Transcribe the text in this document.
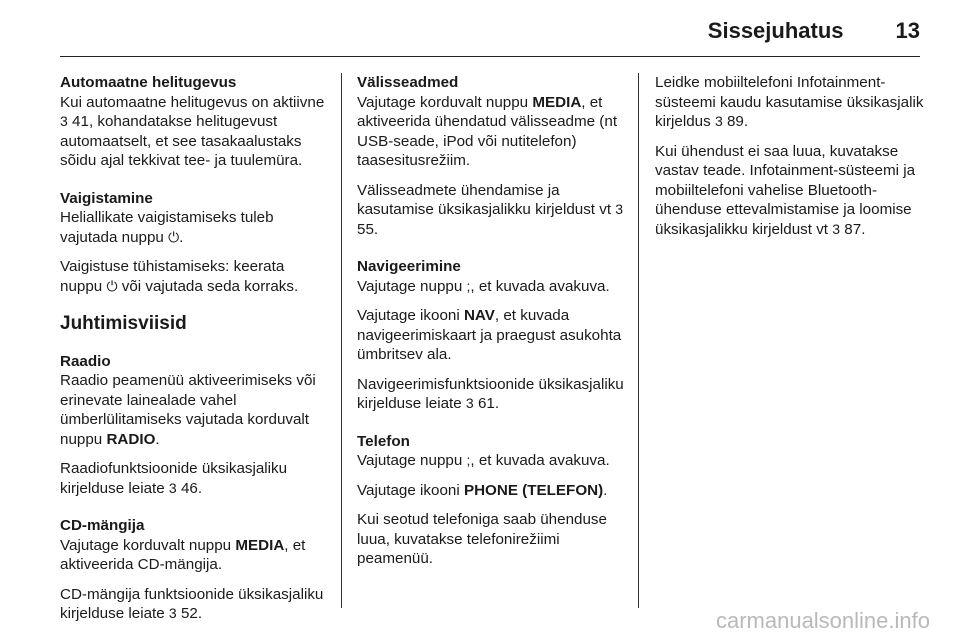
Sissejuhatus 13

Automaatne helitugevus
Kui automaatne helitugevus on aktiivne 3 41, kohandatakse helitugevust automaatselt, et see tasakaalustaks sõidu ajal tekkivat tee- ja tuulemüra.

Vaigistamine
Heliallikate vaigistamiseks tuleb vajutada nuppu ⏻.

Vaigistuse tühistamiseks: keerata nuppu ⏻ või vajutada seda korraks.

Juhtimisviisid

Raadio
Raadio peamenüü aktiveerimiseks või erinevate lainealade vahel ümberlülitamiseks vajutada korduvalt nuppu RADIO.

Raadiofunktsioonide üksikasjaliku kirjelduse leiate 3 46.

CD-mängija
Vajutage korduvalt nuppu MEDIA, et aktiveerida CD-mängija.

CD-mängija funktsioonide üksikasjaliku kirjelduse leiate 3 52.

Välisseadmed
Vajutage korduvalt nuppu MEDIA, et aktiveerida ühendatud välisseadme (nt USB-seade, iPod või nutitelefon) taasesitusrežiim.

Välisseadmete ühendamise ja kasutamise üksikasjalikku kirjeldust vt 3 55.

Navigeerimine
Vajutage nuppu ;, et kuvada avakuva.

Vajutage ikooni NAV, et kuvada navigeerimiskaart ja praegust asukohta ümbritsev ala.

Navigeerimisfunktsioonide üksikasjaliku kirjelduse leiate 3 61.

Telefon
Vajutage nuppu ;, et kuvada avakuva.

Vajutage ikooni PHONE (TELEFON).

Kui seotud telefoniga saab ühenduse luua, kuvatakse telefonirežiimi peamenüü.

Leidke mobiiltelefoni Infotainment-süsteemi kaudu kasutamise üksikasjalik kirjeldus 3 89.

Kui ühendust ei saa luua, kuvatakse vastav teade. Infotainment-süsteemi ja mobiiltelefoni vahelise Bluetooth-ühenduse ettevalmistamise ja loomise üksikasjalikku kirjeldust vt 3 87.

carmanualsonline.info
